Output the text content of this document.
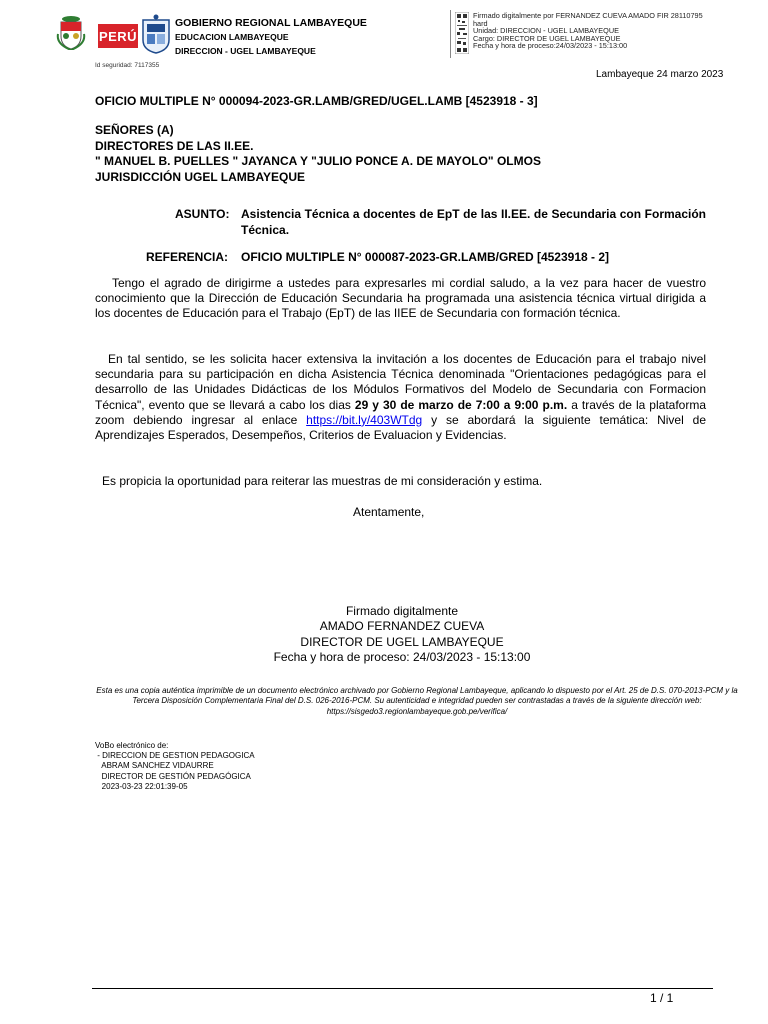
PERÚ
GOBIERNO REGIONAL LAMBAYEQUE
EDUCACION LAMBAYEQUE
DIRECCION - UGEL LAMBAYEQUE
Firmado digitalmente por FERNANDEZ CUEVA AMADO FIR 28110795
hard
Unidad: DIRECCION - UGEL LAMBAYEQUE
Cargo: DIRECTOR DE UGEL LAMBAYEQUE
Fecha y hora de proceso:24/03/2023 - 15:13:00
Id seguridad: 7117355
Lambayeque 24 marzo 2023
OFICIO MULTIPLE N° 000094-2023-GR.LAMB/GRED/UGEL.LAMB [4523918 - 3]
SEÑORES (A)
DIRECTORES DE LAS II.EE.
" MANUEL B. PUELLES " JAYANCA Y "JULIO PONCE A. DE MAYOLO" OLMOS
JURISDICCIÓN UGEL LAMBAYEQUE
ASUNTO: Asistencia Técnica a docentes de EpT de las II.EE. de Secundaria con Formación Técnica.
REFERENCIA: OFICIO MULTIPLE N° 000087-2023-GR.LAMB/GRED [4523918 - 2]
Tengo el agrado de dirigirme a ustedes para expresarles mi cordial saludo, a la vez para hacer de vuestro conocimiento que la Dirección de Educación Secundaria ha programada una asistencia técnica virtual dirigida a los docentes de Educación para el Trabajo (EpT) de las IIEE de Secundaria con formación técnica.
En tal sentido, se les solicita hacer extensiva la invitación a los docentes de Educación para el trabajo nivel secundaria para su participación en dicha Asistencia Técnica denominada "Orientaciones pedagógicas para el desarrollo de las Unidades Didácticas de los Módulos Formativos del Modelo de Secundaria con Formacion Técnica", evento que se llevará a cabo los dias 29 y 30 de marzo de 7:00 a 9:00 p.m. a través de la plataforma zoom debiendo ingresar al enlace https://bit.ly/403WTdg y se abordará la siguiente temática: Nivel de Aprendizajes Esperados, Desempeños, Criterios de Evaluacion y Evidencias.
Es propicia la oportunidad para reiterar las muestras de mi consideración y estima.
Atentamente,
Firmado digitalmente
AMADO FERNANDEZ CUEVA
DIRECTOR DE UGEL LAMBAYEQUE
Fecha y hora de proceso: 24/03/2023 - 15:13:00
Esta es una copia auténtica imprimible de un documento electrónico archivado por Gobierno Regional Lambayeque, aplicando lo dispuesto por el Art. 25 de D.S. 070-2013-PCM y la Tercera Disposición Complementaria Final del D.S. 026-2016-PCM. Su autenticidad e integridad pueden ser contrastadas a través de la siguiente dirección web: https://sisgedo3.regionlambayeque.gob.pe/verifica/
VoBo electrónico de:
- DIRECCION DE GESTION PEDAGOGICA
ABRAM SANCHEZ VIDAURRE
DIRECTOR DE GESTIÓN PEDAGÓGICA
2023-03-23 22:01:39-05
1 / 1
